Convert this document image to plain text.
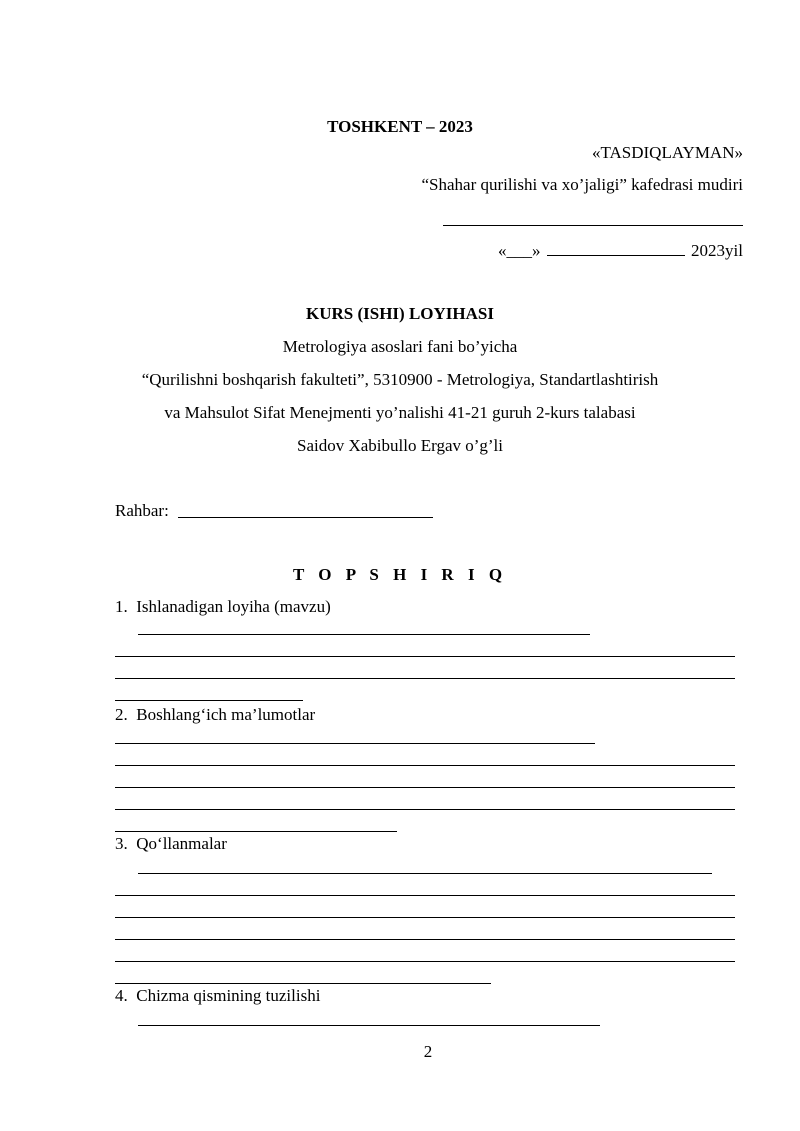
TOSHKENT – 2023
«TASDIQLAYMAN»
“Shahar qurilishi va xo’jaligi” kafedrasi mudiri
«___»	2023yil
KURS (ISHI) LOYIHASI
Metrologiya asoslari fani bo’yicha
“Qurilishni boshqarish fakulteti”, 5310900 - Metrologiya, Standartlashtirish
va Mahsulot Sifat Menejmenti yo’nalishi 41-21 guruh 2-kurs talabasi
Saidov Xabibullo Ergav o’g’li
Rahbar:
T O P S H I R I Q
1. Ishlanadigan loyiha (mavzu)
2. Boshlang‘ich ma’lumotlar
3. Qo‘llanmalar
4. Chizma qismining tuzilishi
2
